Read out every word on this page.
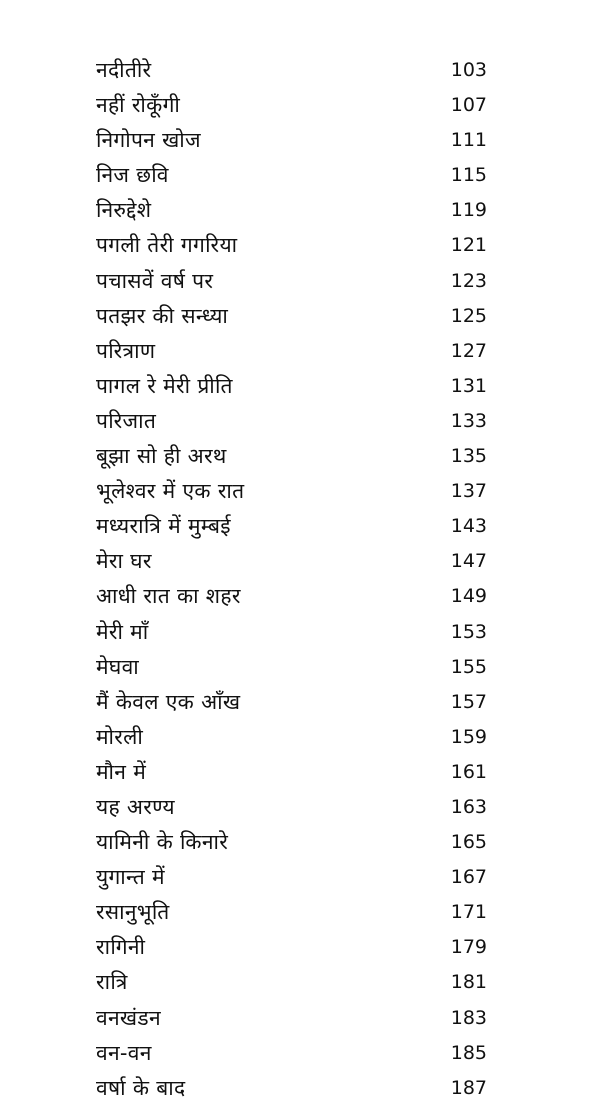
नदीतीरे	103
नहीं रोकूँगी	107
निगोपन खोज	111
निज छवि	115
निरुद्देशे	119
पगली तेरी गगरिया	121
पचासवें वर्ष पर	123
पतझर की सन्ध्या	125
परित्राण	127
पागल रे मेरी प्रीति	131
परिजात	133
बूझा सो ही अरथ	135
भूलेश्वर में एक रात	137
मध्यरात्रि में मुम्बई	143
मेरा घर	147
आधी रात का शहर	149
मेरी माँ	153
मेघवा	155
मैं केवल एक आँख	157
मोरली	159
मौन में	161
यह अरण्य	163
यामिनी के किनारे	165
युगान्त में	167
रसानुभूति	171
रागिनी	179
रात्रि	181
वनखंडन	183
वन-वन	185
वर्षा के बाद	187
